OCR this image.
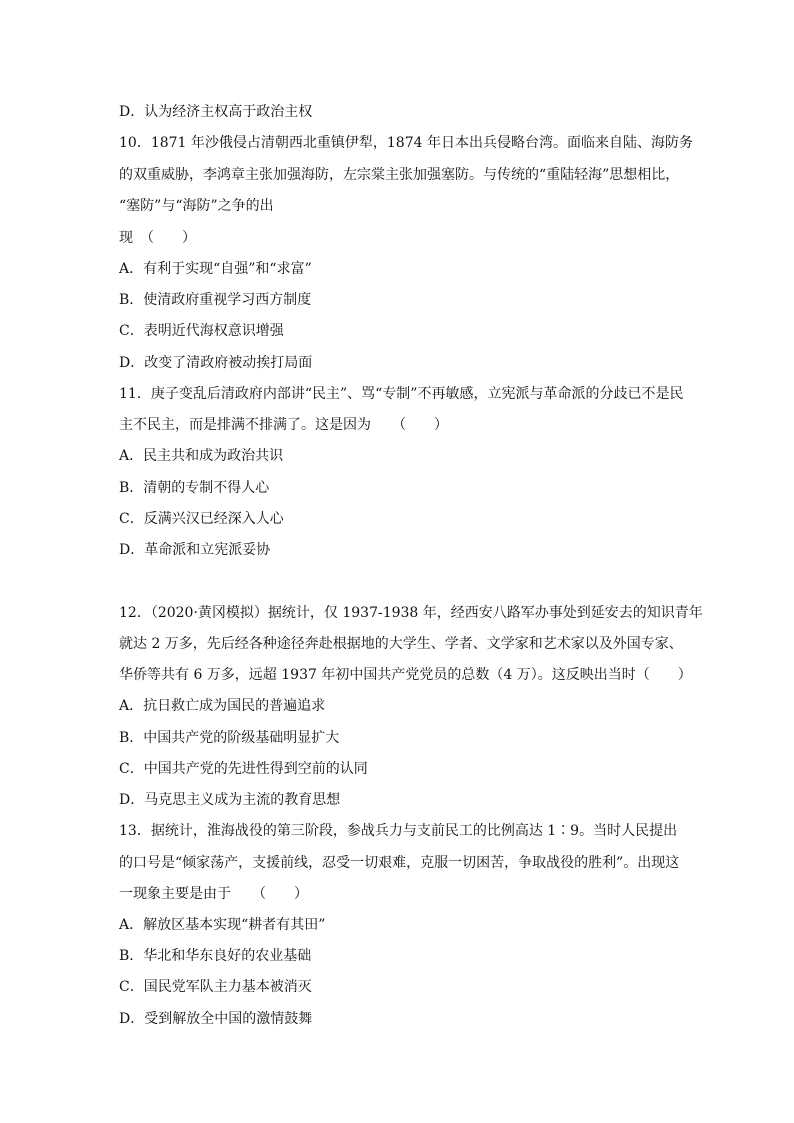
D．认为经济主权高于政治主权
10．1871 年沙俄侵占清朝西北重镇伊犁，1874 年日本出兵侵略台湾。面临来自陆、海防务
的双重威胁，李鸿章主张加强海防，左宗棠主张加强塞防。与传统的“重陆轻海”思想相比，
“塞防”与“海防”之争的出
现　（　　）
A．有利于实现“自强”和“求富”
B．使清政府重视学习西方制度
C．表明近代海权意识增强
D．改变了清政府被动挨打局面
11．庚子变乱后清政府内部讲“民主”、骂“专制”不再敏感，立宪派与革命派的分歧已不是民
主不民主，而是排满不排满了。这是因为　　（　　）
A．民主共和成为政治共识
B．清朝的专制不得人心
C．反满兴汉已经深入人心
D．革命派和立宪派妥协
12．（2020·黄冈模拟）据统计，仅 1937-1938 年，经西安八路军办事处到延安去的知识青年
就达 2 万多，先后经各种途径奔赴根据地的大学生、学者、文学家和艺术家以及外国专家、
华侨等共有 6 万多，远超 1937 年初中国共产党党员的总数（4 万）。这反映出当时（　　）
A．抗日救亡成为国民的普遍追求
B．中国共产党的阶级基础明显扩大
C．中国共产党的先进性得到空前的认同
D．马克思主义成为主流的教育思想
13．据统计，淮海战役的第三阶段，参战兵力与支前民工的比例高达 1∶9。当时人民提出
的口号是“倾家荡产，支援前线，忍受一切艰难，克服一切困苦，争取战役的胜利”。出现这
一现象主要是由于　　（　　）
A．解放区基本实现“耕者有其田”
B．华北和华东良好的农业基础
C．国民党军队主力基本被消灭
D．受到解放全中国的激情鼓舞
